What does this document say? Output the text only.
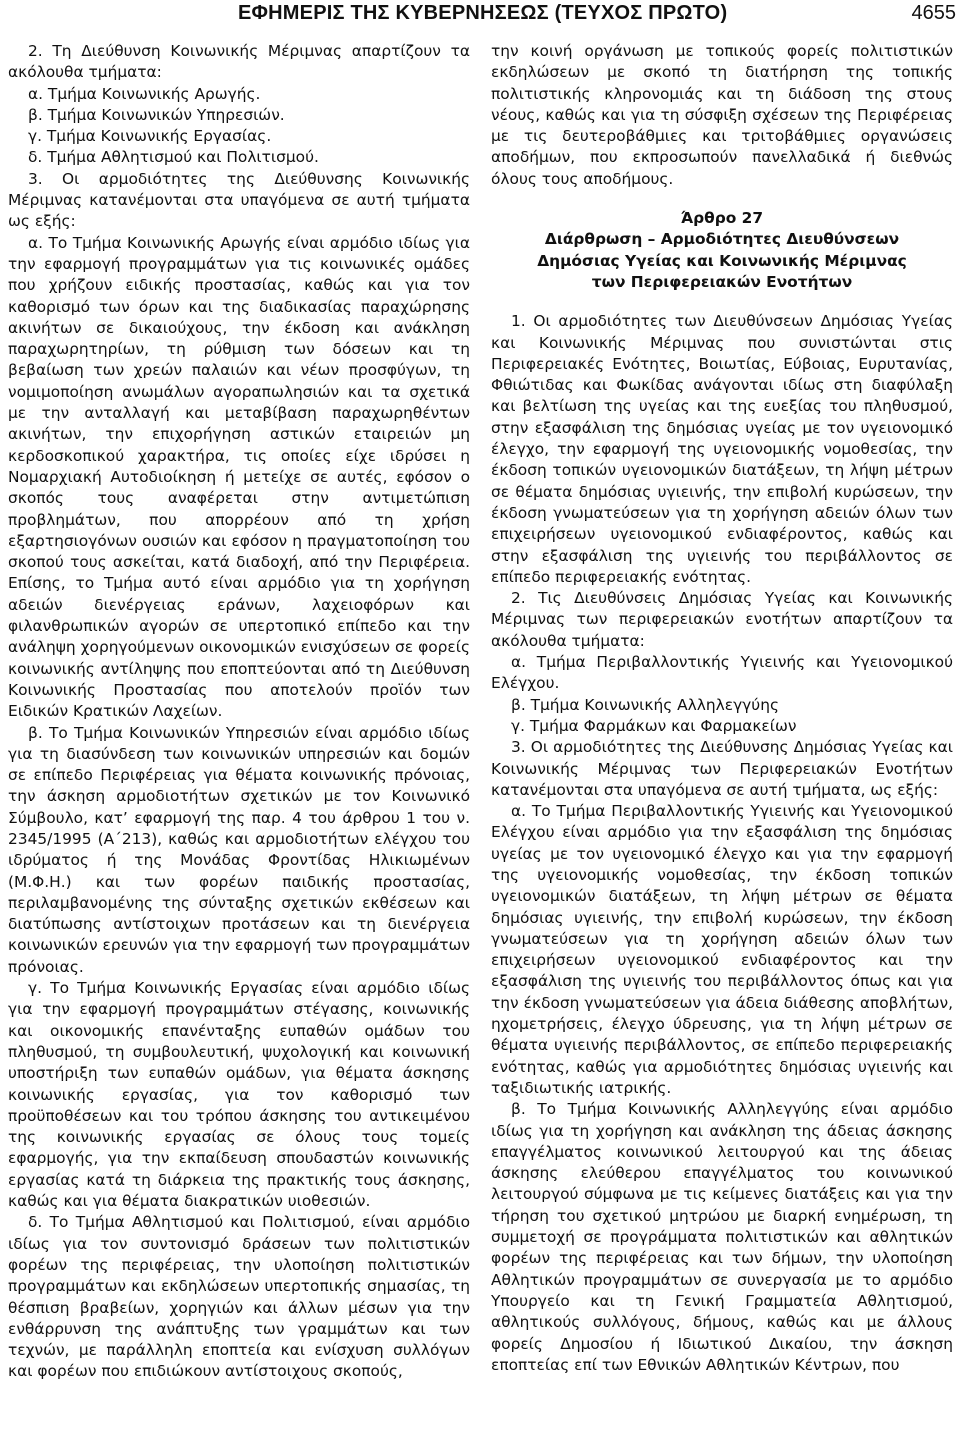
ΕΦΗΜΕΡΙΣ ΤΗΣ ΚΥΒΕΡΝΗΣΕΩΣ (ΤΕΥΧΟΣ ΠΡΩΤΟ)	4655

2. Τη Διεύθυνση Κοινωνικής Μέριμνας απαρτίζουν τα ακόλουθα τμήματα:

α. Τμήμα Κοινωνικής Αρωγής.

β. Τμήμα Κοινωνικών Υπηρεσιών.

γ. Τμήμα Κοινωνικής Εργασίας.

δ. Τμήμα Αθλητισμού και Πολιτισμού.

3. Οι αρμοδιότητες της Διεύθυνσης Κοινωνικής Μέριμνας κατανέμονται στα υπαγόμενα σε αυτή τμήματα ως εξής:

α. Το Τμήμα Κοινωνικής Αρωγής είναι αρμόδιο ιδίως για την εφαρμογή προγραμμάτων για τις κοινωνικές ομάδες που χρήζουν ειδικής προστασίας, καθώς και για τον καθορισμό των όρων και της διαδικασίας παραχώρησης ακινήτων σε δικαιούχους, την έκδοση και ανάκληση παραχωρητηρίων, τη ρύθμιση των δόσεων και τη βεβαίωση των χρεών παλαιών και νέων προσφύγων, τη νομιμοποίηση ανωμάλων αγοραπωλησιών και τα σχετικά με την ανταλλαγή και μεταβίβαση παραχωρηθέντων ακινήτων, την επιχορήγηση αστικών εταιρειών μη κερδοσκοπικού χαρακτήρα, τις οποίες είχε ιδρύσει η Νομαρχιακή Αυτοδιοίκηση ή μετείχε σε αυτές, εφόσον ο σκοπός τους αναφέρεται στην αντιμετώπιση προβλημάτων, που απορρέουν από τη χρήση εξαρτησιογόνων ουσιών και εφόσον η πραγματοποίηση του σκοπού τους ασκείται, κατά διαδοχή, από την Περιφέρεια. Επίσης, το Τμήμα αυτό είναι αρμόδιο για τη χορήγηση αδειών διενέργειας εράνων, λαχειοφόρων και φιλανθρωπικών αγορών σε υπερτοπικό επίπεδο και την ανάληψη χορηγούμενων οικονομικών ενισχύσεων σε φορείς κοινωνικής αντίληψης που εποπτεύονται από τη Διεύθυνση Κοινωνικής Προστασίας που αποτελούν προϊόν των Ειδικών Κρατικών Λαχείων.

β. Το Τμήμα Κοινωνικών Υπηρεσιών είναι αρμόδιο ιδίως για τη διασύνδεση των κοινωνικών υπηρεσιών και δομών σε επίπεδο Περιφέρειας για θέματα κοινωνικής πρόνοιας, την άσκηση αρμοδιοτήτων σχετικών με τον Κοινωνικό Σύμβουλο, κατ’ εφαρμογή της παρ. 4 του άρθρου 1 του ν. 2345/1995 (Α΄213), καθώς και αρμοδιοτήτων ελέγχου του ιδρύματος ή της Μονάδας Φροντίδας Ηλικιωμένων (Μ.Φ.Η.) και των φορέων παιδικής προστασίας, περιλαμβανομένης της σύνταξης σχετικών εκθέσεων και διατύπωσης αντίστοιχων προτάσεων και τη διενέργεια κοινωνικών ερευνών για την εφαρμογή των προγραμμάτων πρόνοιας.

γ. Το Τμήμα Κοινωνικής Εργασίας είναι αρμόδιο ιδίως για την εφαρμογή προγραμμάτων στέγασης, κοινωνικής και οικονομικής επανένταξης ευπαθών ομάδων του πληθυσμού, τη συμβουλευτική, ψυχολογική και κοινωνική υποστήριξη των ευπαθών ομάδων, για θέματα άσκησης κοινωνικής εργασίας, για τον καθορισμό των προϋποθέσεων και του τρόπου άσκησης του αντικειμένου της κοινωνικής εργασίας σε όλους τους τομείς εφαρμογής, για την εκπαίδευση σπουδαστών κοινωνικής εργασίας κατά τη διάρκεια της πρακτικής τους άσκησης, καθώς και για θέματα διακρατικών υιοθεσιών.

δ. Το Τμήμα Αθλητισμού και Πολιτισμού, είναι αρμόδιο ιδίως για τον συντονισμό δράσεων των πολιτιστικών φορέων της περιφέρειας, την υλοποίηση πολιτιστικών προγραμμάτων και εκδηλώσεων υπερτοπικής σημασίας, τη θέσπιση βραβείων, χορηγιών και άλλων μέσων για την ενθάρρυνση της ανάπτυξης των γραμμάτων και των τεχνών, με παράλληλη εποπτεία και ενίσχυση συλλόγων και φορέων που επιδιώκουν αντίστοιχους σκοπούς,

την κοινή οργάνωση με τοπικούς φορείς πολιτιστικών εκδηλώσεων με σκοπό τη διατήρηση της τοπικής πολιτιστικής κληρονομιάς και τη διάδοση της στους νέους, καθώς και για τη σύσφιξη σχέσεων της Περιφέρειας με τις δευτεροβάθμιες και τριτοβάθμιες οργανώσεις αποδήμων, που εκπροσωπούν πανελλαδικά ή διεθνώς όλους τους αποδήμους.

Άρθρο 27
Διάρθρωση – Αρμοδιότητες Διευθύνσεων
Δημόσιας Υγείας και Κοινωνικής Μέριμνας
των Περιφερειακών Ενοτήτων

1. Οι αρμοδιότητες των Διευθύνσεων Δημόσιας Υγείας και Κοινωνικής Μέριμνας που συνιστώνται στις Περιφερειακές Ενότητες, Βοιωτίας, Εύβοιας, Ευρυτανίας, Φθιώτιδας και Φωκίδας ανάγονται ιδίως στη διαφύλαξη και βελτίωση της υγείας και της ευεξίας του πληθυσμού, στην εξασφάλιση της δημόσιας υγείας με τον υγειονομικό έλεγχο, την εφαρμογή της υγειονομικής νομοθεσίας, την έκδοση τοπικών υγειονομικών διατάξεων, τη λήψη μέτρων σε θέματα δημόσιας υγιεινής, την επιβολή κυρώσεων, την έκδοση γνωματεύσεων για τη χορήγηση αδειών όλων των επιχειρήσεων υγειονομικού ενδιαφέροντος, καθώς και στην εξασφάλιση της υγιεινής του περιβάλλοντος σε επίπεδο περιφερειακής ενότητας.

2. Τις Διευθύνσεις Δημόσιας Υγείας και Κοινωνικής Μέριμνας των περιφερειακών ενοτήτων απαρτίζουν τα ακόλουθα τμήματα:

α. Τμήμα Περιβαλλοντικής Υγιεινής και Υγειονομικού Ελέγχου.

β. Τμήμα Κοινωνικής Αλληλεγγύης

γ. Τμήμα Φαρμάκων και Φαρμακείων

3. Οι αρμοδιότητες της Διεύθυνσης Δημόσιας Υγείας και Κοινωνικής Μέριμνας των Περιφερειακών Ενοτήτων κατανέμονται στα υπαγόμενα σε αυτή τμήματα, ως εξής:

α. Το Τμήμα Περιβαλλοντικής Υγιεινής και Υγειονομικού Ελέγχου είναι αρμόδιο για την εξασφάλιση της δημόσιας υγείας με τον υγειονομικό έλεγχο και για την εφαρμογή της υγειονομικής νομοθεσίας, την έκδοση τοπικών υγειονομικών διατάξεων, τη λήψη μέτρων σε θέματα δημόσιας υγιεινής, την επιβολή κυρώσεων, την έκδοση γνωματεύσεων για τη χορήγηση αδειών όλων των επιχειρήσεων υγειονομικού ενδιαφέροντος και την εξασφάλιση της υγιεινής του περιβάλλοντος όπως και για την έκδοση γνωματεύσεων για άδεια διάθεσης αποβλήτων, ηχομετρήσεις, έλεγχο ύδρευσης, για τη λήψη μέτρων σε θέματα υγιεινής περιβάλλοντος, σε επίπεδο περιφερειακής ενότητας, καθώς για αρμοδιότητες δημόσιας υγιεινής και ταξιδιωτικής ιατρικής.

β. Το Τμήμα Κοινωνικής Αλληλεγγύης είναι αρμόδιο ιδίως για τη χορήγηση και ανάκληση της άδειας άσκησης επαγγέλματος κοινωνικού λειτουργού και της άδειας άσκησης ελεύθερου επαγγέλματος του κοινωνικού λειτουργού σύμφωνα με τις κείμενες διατάξεις και για την τήρηση του σχετικού μητρώου με διαρκή ενημέρωση, τη συμμετοχή σε προγράμματα πολιτιστικών και αθλητικών φορέων της περιφέρειας και των δήμων, την υλοποίηση Αθλητικών προγραμμάτων σε συνεργασία με το αρμόδιο Υπουργείο και τη Γενική Γραμματεία Αθλητισμού, αθλητικούς συλλόγους, δήμους, καθώς και με άλλους φορείς Δημοσίου ή Ιδιωτικού Δικαίου, την άσκηση εποπτείας επί των Εθνικών Αθλητικών Κέντρων, που
